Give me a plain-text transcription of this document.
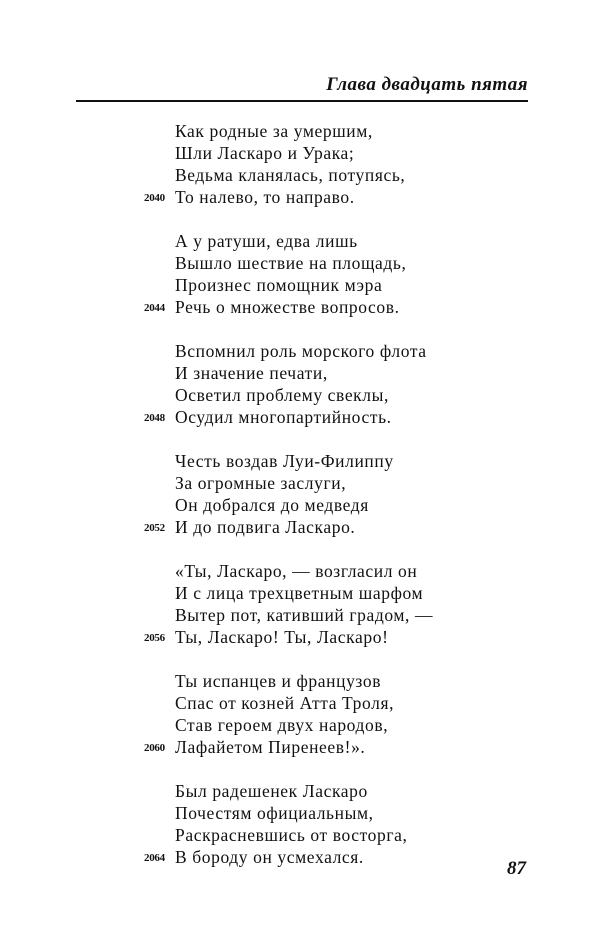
Глава двадцать пятая
Как родные за умершим,
Шли Ласкаро и Урака;
Ведьма кланялась, потупясь,
2040 То налево, то направо.
А у ратуши, едва лишь
Вышло шествие на площадь,
Произнес помощник мэра
2044 Речь о множестве вопросов.
Вспомнил роль морского флота
И значение печати,
Осветил проблему свеклы,
2048 Осудил многопартийность.
Честь воздав Луи-Филиппу
За огромные заслуги,
Он добрался до медведя
2052 И до подвига Ласкаро.
«Ты, Ласкаро, — возгласил он
И с лица трехцветным шарфом
Вытер пот, кативший градом, —
2056 Ты, Ласкаро! Ты, Ласкаро!
Ты испанцев и французов
Спас от козней Атта Троля,
Став героем двух народов,
2060 Лафайетом Пиренеев!».
Был радешенек Ласкаро
Почестям официальным,
Раскрасневшись от восторга,
2064 В бороду он усмехался.
87
